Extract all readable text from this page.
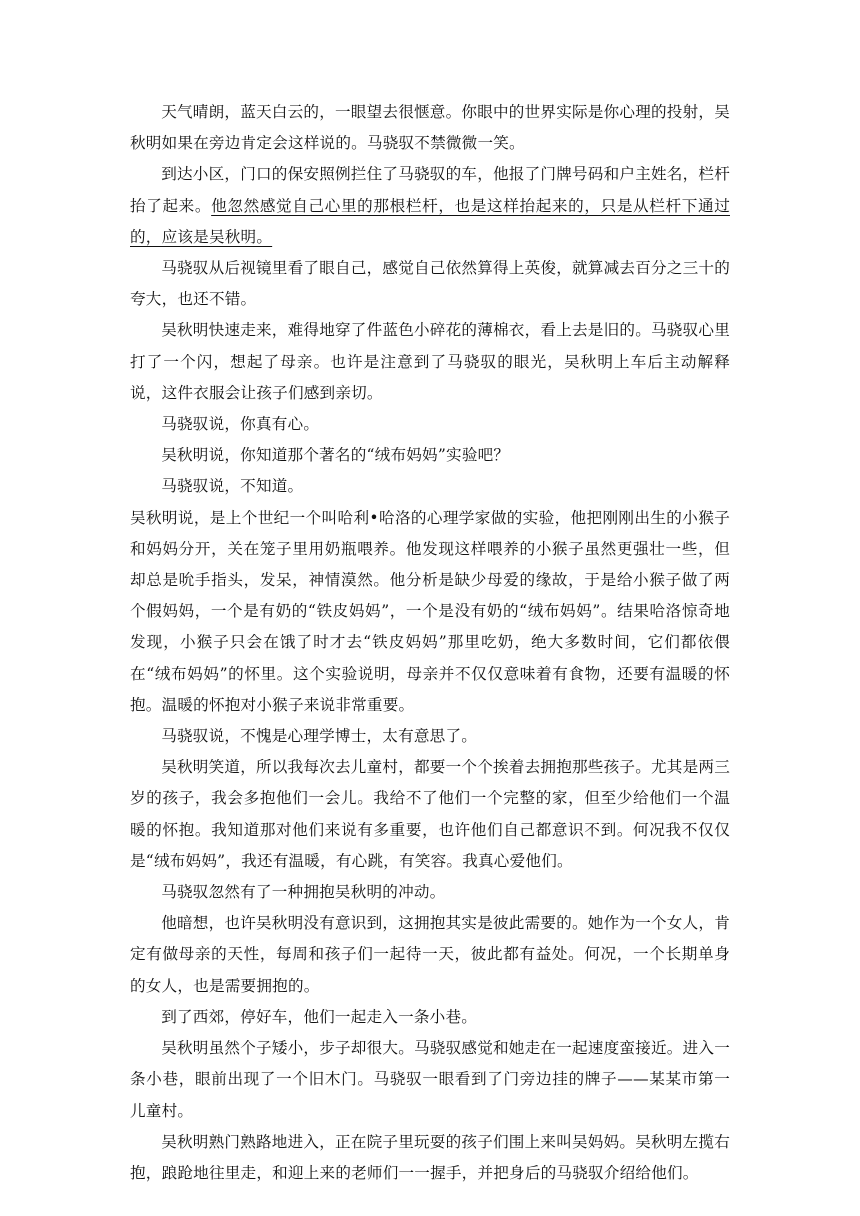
天气晴朗，蓝天白云的，一眼望去很惬意。你眼中的世界实际是你心理的投射，吴秋明如果在旁边肯定会这样说的。马骁驭不禁微微一笑。

到达小区，门口的保安照例拦住了马骁驭的车，他报了门牌号码和户主姓名，栏杆抬了起来。他忽然感觉自己心里的那根栏杆，也是这样抬起来的，只是从栏杆下通过的，应该是吴秋明。

马骁驭从后视镜里看了眼自己，感觉自己依然算得上英俊，就算减去百分之三十的夸大，也还不错。

吴秋明快速走来，难得地穿了件蓝色小碎花的薄棉衣，看上去是旧的。马骁驭心里打了一个闪，想起了母亲。也许是注意到了马骁驭的眼光，吴秋明上车后主动解释说，这件衣服会让孩子们感到亲切。

马骁驭说，你真有心。

吴秋明说，你知道那个著名的“绒布妈妈”实验吧？

马骁驭说，不知道。

吴秋明说，是上个世纪一个叫哈利•哈洛的心理学家做的实验，他把刚刚出生的小猴子和妈妈分开，关在笼子里用奶瓶喂养。他发现这样喂养的小猴子虽然更强壮一些，但却总是吮手指头，发呆，神情漠然。他分析是缺少母爱的缘故，于是给小猴子做了两个假妈妈，一个是有奶的“铁皮妈妈”，一个是没有奶的“绒布妈妈”。结果哈洛惊奇地发现，小猴子只会在饿了时才去“铁皮妈妈”那里吃奶，绝大多数时间，它们都依偎在“绒布妈妈”的怀里。这个实验说明，母亲并不仅仅意味着有食物，还要有温暖的怀抱。温暖的怀抱对小猴子来说非常重要。

马骁驭说，不愧是心理学博士，太有意思了。

吴秋明笑道，所以我每次去儿童村，都要一个个挨着去拥抱那些孩子。尤其是两三岁的孩子，我会多抱他们一会儿。我给不了他们一个完整的家，但至少给他们一个温暖的怀抱。我知道那对他们来说有多重要，也许他们自己都意识不到。何况我不仅仅是“绒布妈妈”，我还有温暖，有心跳，有笑容。我真心爱他们。

马骁驭忽然有了一种拥抱吴秋明的冲动。

他暗想，也许吴秋明没有意识到，这拥抱其实是彼此需要的。她作为一个女人，肯定有做母亲的天性，每周和孩子们一起待一天，彼此都有益处。何况，一个长期单身的女人，也是需要拥抱的。

到了西郊，停好车，他们一起走入一条小巷。

吴秋明虽然个子矮小，步子却很大。马骁驭感觉和她走在一起速度蛮接近。进入一条小巷，眼前出现了一个旧木门。马骁驭一眼看到了门旁边挂的牌子——某某市第一儿童村。

吴秋明熟门熟路地进入，正在院子里玩耍的孩子们围上来叫吴妈妈。吴秋明左揽右抱，踉跄地往里走，和迎上来的老师们一一握手，并把身后的马骁驭介绍给他们。
